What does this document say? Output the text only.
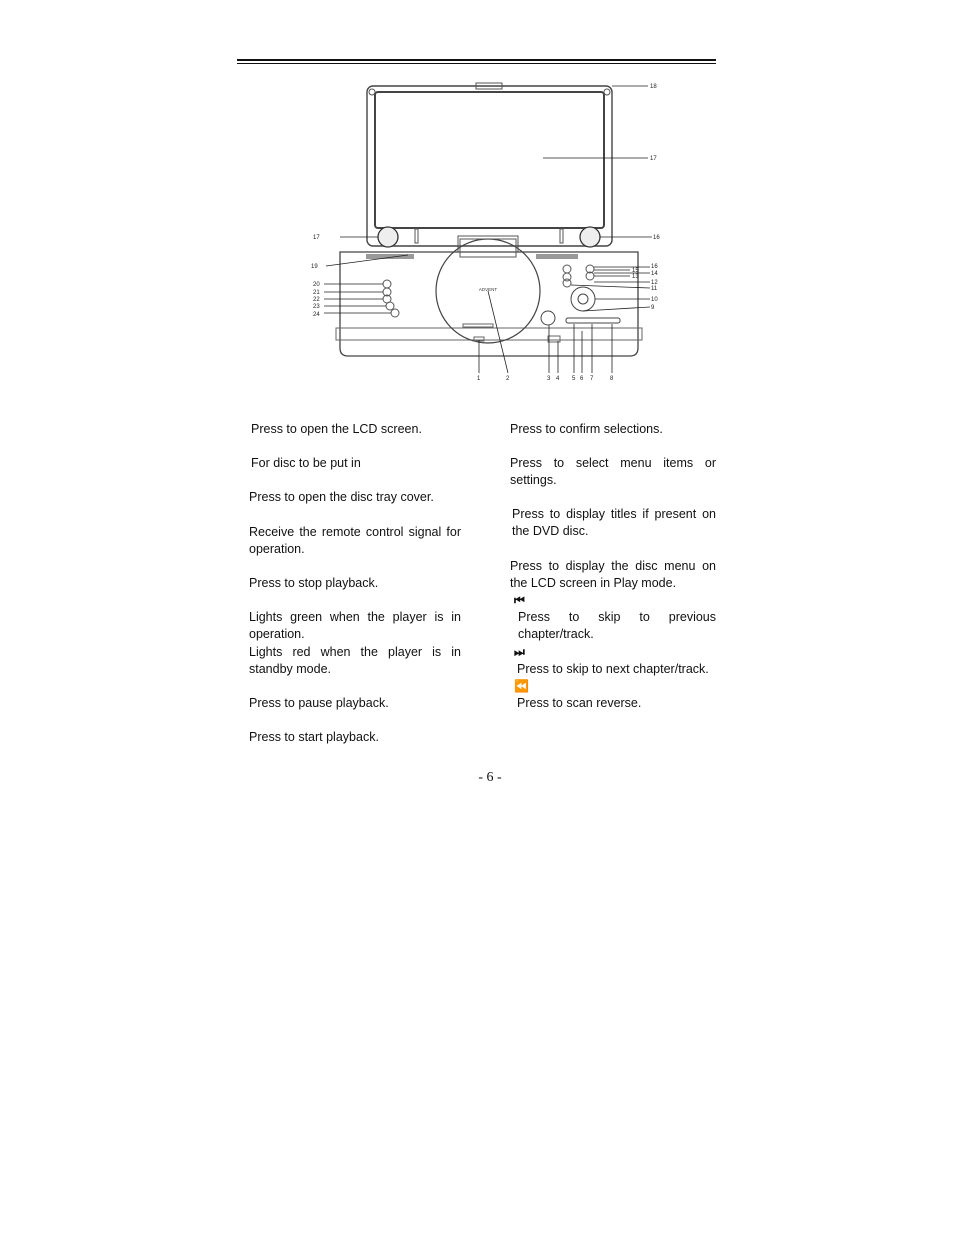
ADVENT
18
17
17	16
19
20
21
22
23
24
16
15 14
13
12
11
10
9
1	2	3 4 5 6 7	8
Press to open the LCD screen.
For disc to be put in
Press to open the disc tray cover.
Receive the remote control signal for operation.
Press to stop playback.
Lights green when the player is in operation.
Lights red when the player is in standby mode.
Press to pause playback.
Press to start playback.
Press to confirm selections.
Press to select menu items or settings.
Press to display titles if present on the DVD disc.
Press to display the disc menu on the LCD screen in Play mode.
⏮
Press to skip to previous chapter/track.
⏭
Press to skip to next chapter/track.
⏪
Press to scan reverse.
- 6 -
